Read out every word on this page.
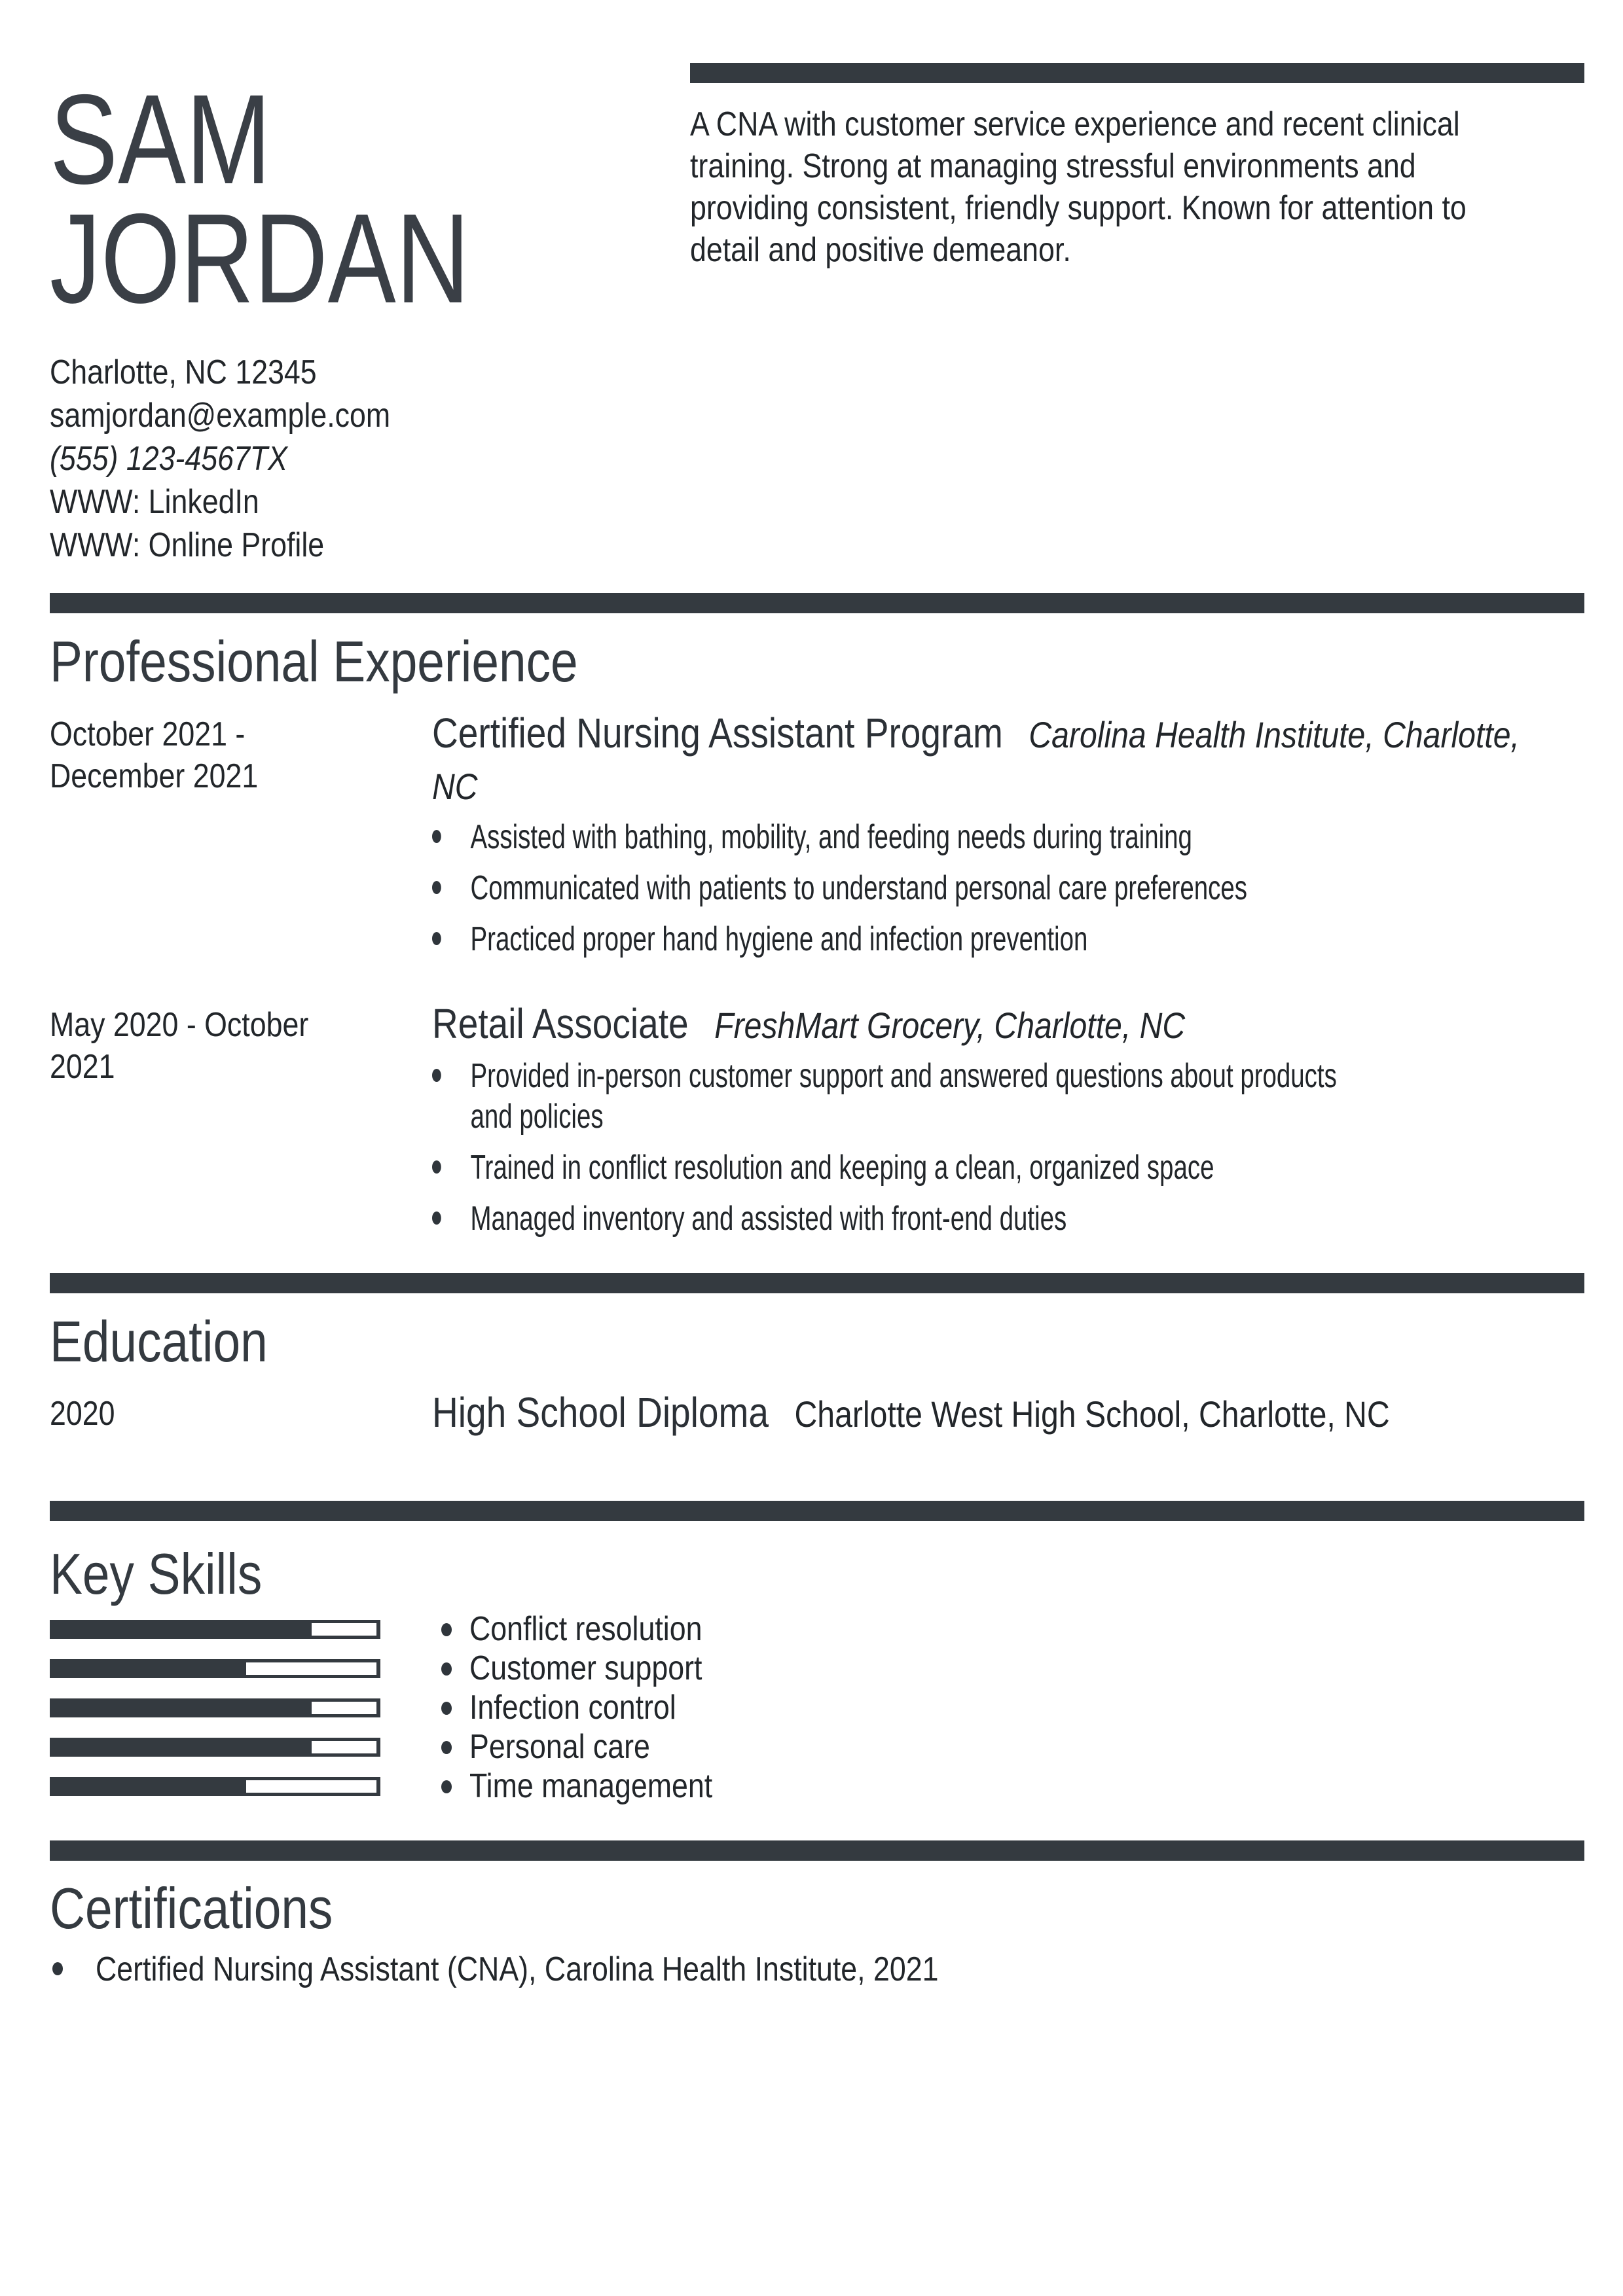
SAM
JORDAN
A CNA with customer service experience and recent clinical training. Strong at managing stressful environments and providing consistent, friendly support. Known for attention to detail and positive demeanor.
Charlotte, NC 12345
samjordan@example.com
(555) 123-4567TX
WWW: LinkedIn
WWW: Online Profile
Professional Experience
October 2021 - December 2021
Certified Nursing Assistant Program Carolina Health Institute, Charlotte, NC
Assisted with bathing, mobility, and feeding needs during training
Communicated with patients to understand personal care preferences
Practiced proper hand hygiene and infection prevention
May 2020 - October 2021
Retail Associate FreshMart Grocery, Charlotte, NC
Provided in-person customer support and answered questions about products and policies
Trained in conflict resolution and keeping a clean, organized space
Managed inventory and assisted with front-end duties
Education
2020	High School Diploma Charlotte West High School, Charlotte, NC
Key Skills
Conflict resolution
Customer support
Infection control
Personal care
Time management
Certifications
Certified Nursing Assistant (CNA), Carolina Health Institute, 2021
